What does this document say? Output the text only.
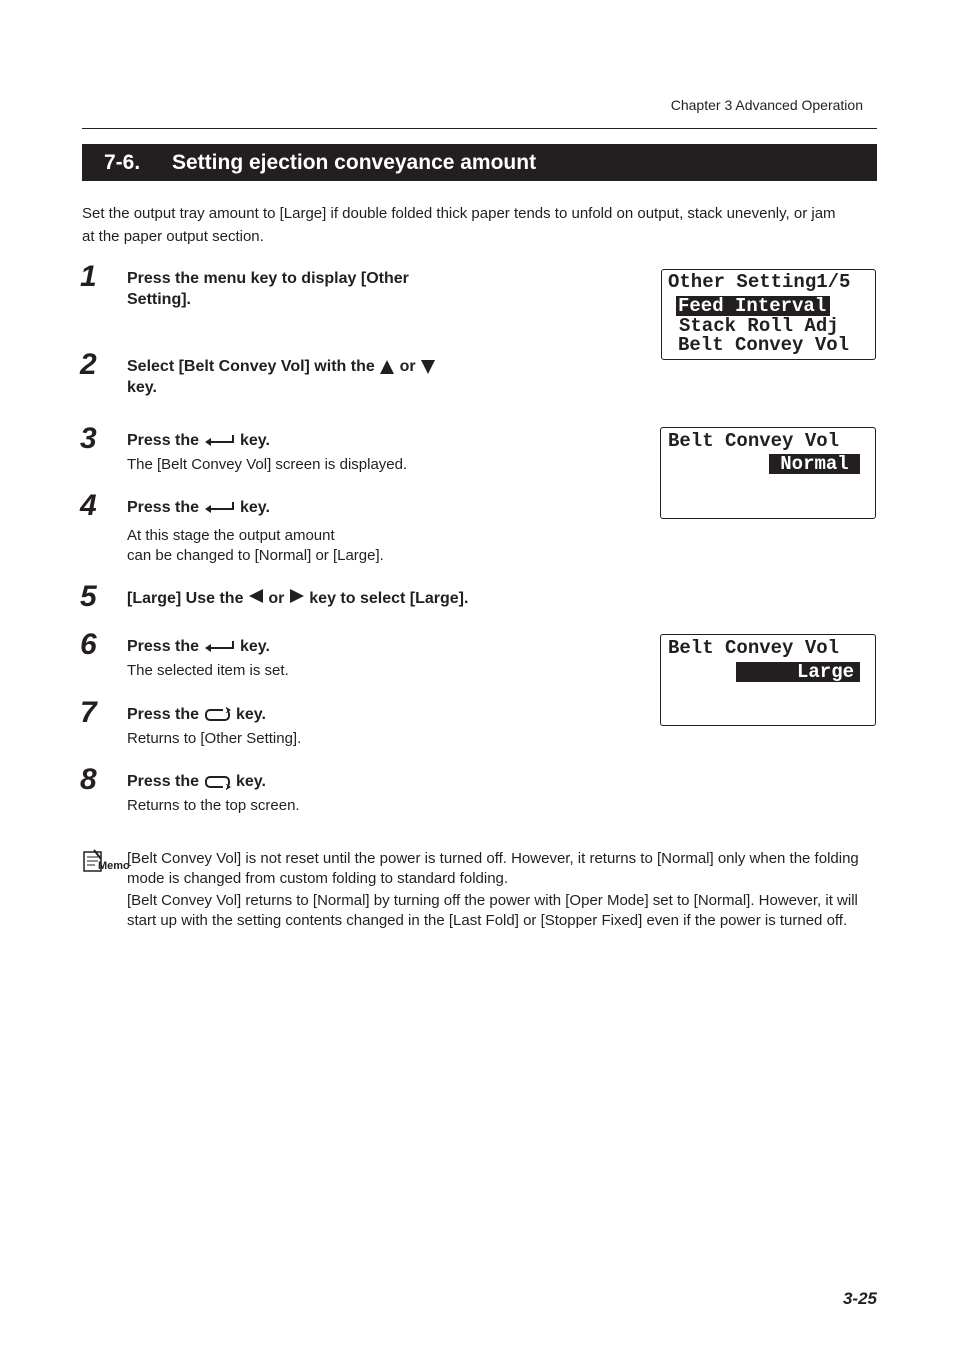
Chapter 3 Advanced Operation
7-6. Setting ejection conveyance amount
Set the output tray amount to [Large] if double folded thick paper tends to unfold on output, stack unevenly, or jam at the paper output section.
1 Press the menu key to display [Other
Setting].
2 Select [Belt Convey Vol] with the or
key.
3 Press the	key.
The [Belt Convey Vol] screen is displayed.
4 Press the	key.
At this stage the output amount
can be changed to [Normal] or [Large].
5 [Large] Use the or key to select [Large].
6 Press the	key.
The selected item is set.
7 Press the key.
Returns to [Other Setting].
8 Press the key.
Returns to the top screen.
Other Setting1/5
Feed Interval
Stack Roll Adj
Belt Convey Vol
Belt Convey Vol
Normal
Belt Convey Vol
Large
Memo
[Belt Convey Vol] is not reset until the power is turned off. However, it returns to [Normal] only when the folding mode is changed from custom folding to standard folding.
[Belt Convey Vol] returns to [Normal] by turning off the power with [Oper Mode] set to [Normal]. However, it will start up with the setting contents changed in the [Last Fold] or [Stopper Fixed] even if the power is turned off.
3-25
